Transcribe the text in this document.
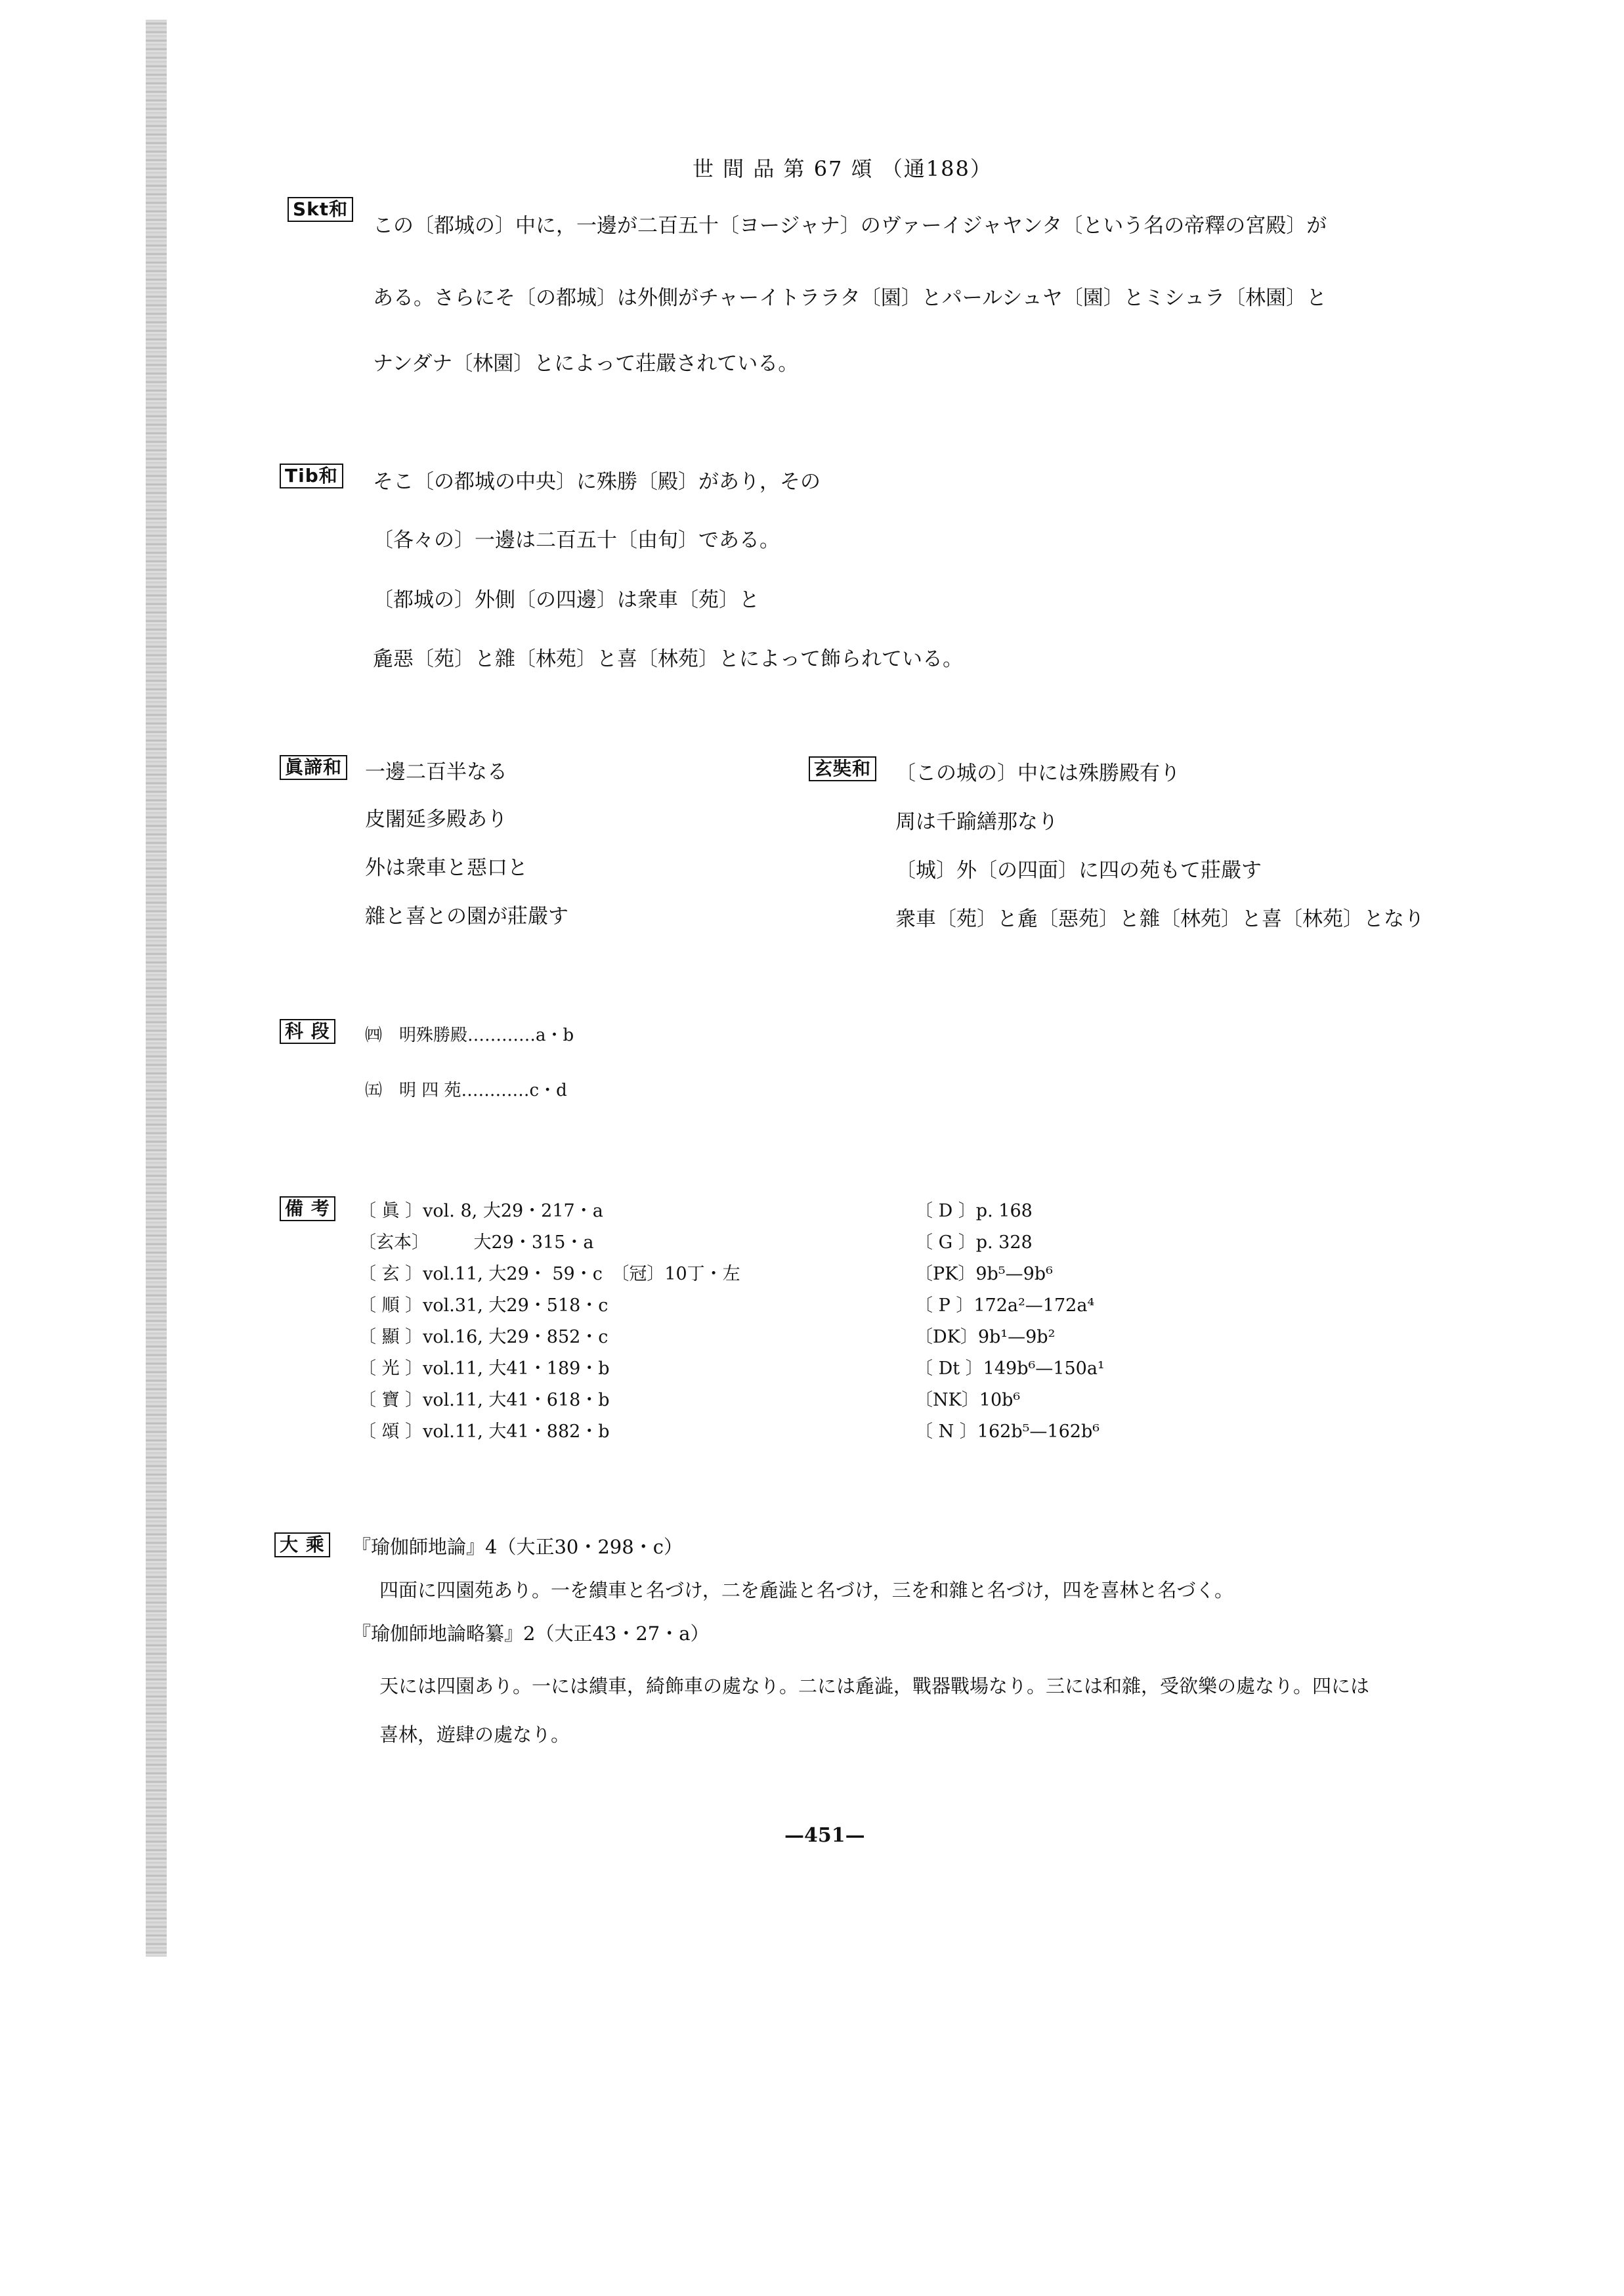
世 間 品 第 67 頌 （通188）
Skt和
この〔都城の〕中に，一邊が二百五十〔ヨージャナ〕のヴァーイジャヤンタ〔という名の帝釋の宮殿〕が
ある。さらにそ〔の都城〕は外側がチャーイトララタ〔園〕とパールシュヤ〔園〕とミシュラ〔林園〕と
ナンダナ〔林園〕とによって荘嚴されている。
Tib和 そこ〔の都城の中央〕に殊勝〔殿〕があり，その
〔各々の〕一邊は二百五十〔由旬〕である。
〔都城の〕外側〔の四邊〕は衆車〔苑〕と
麁惡〔苑〕と雜〔林苑〕と喜〔林苑〕とによって飾られている。
眞諦和 一邊二百半なる
皮闍延多殿あり
外は衆車と惡口と
雜と喜との園が莊嚴す
玄奘和 〔この城の〕中には殊勝殿有り
周は千踰繕那なり
〔城〕外〔の四面〕に四の苑もて莊嚴す
衆車〔苑〕と麁〔惡苑〕と雜〔林苑〕と喜〔林苑〕となり
科 段	㈣　明殊勝殿…………a・b
㈤　明 四 苑…………c・d
備 考 〔 眞 〕vol. 8, 大29・217・a
〔玄本〕　　　大29・315・a
〔 玄 〕vol.11, 大29・ 59・c　〔冠〕10丁・左
〔 順 〕vol.31, 大29・518・c
〔 顯 〕vol.16, 大29・852・c
〔 光 〕vol.11, 大41・189・b
〔 寶 〕vol.11, 大41・618・b
〔 頌 〕vol.11, 大41・882・b
〔 D 〕p. 168
〔 G 〕p. 328
〔PK〕9b⁵—9b⁶
〔 P 〕172a²—172a⁴
〔DK〕9b¹—9b²
〔 Dt 〕149b⁶—150a¹
〔NK〕10b⁶
〔 N 〕162b⁵—162b⁶
大 乘 『瑜伽師地論』4（大正30・298・c）
四面に四園苑あり。一を繢車と名づけ，二を麁澁と名づけ，三を和雜と名づけ，四を喜林と名づく。
『瑜伽師地論略纂』2（大正43・27・a）
天には四園あり。一には繢車，綺飾車の處なり。二には麁澁，戰器戰場なり。三には和雜，受欲樂の處なり。四には
喜林，遊肆の處なり。
—451—
